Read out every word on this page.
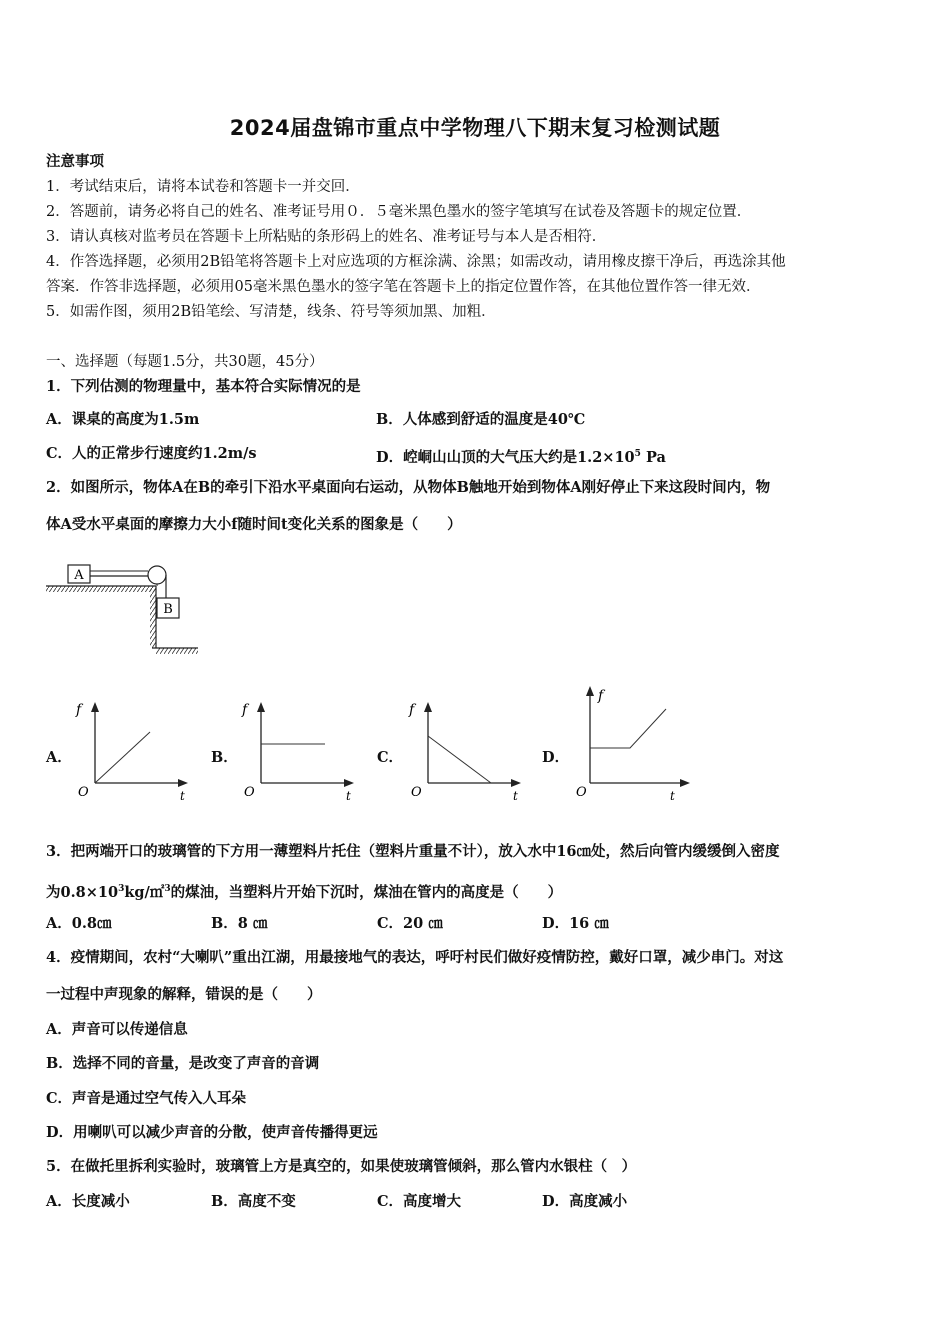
2024届盘锦市重点中学物理八下期末复习检测试题
注意事项
1．考试结束后，请将本试卷和答题卡一并交回．
2．答题前，请务必将自己的姓名、准考证号用０．５毫米黑色墨水的签字笔填写在试卷及答题卡的规定位置．
3．请认真核对监考员在答题卡上所粘贴的条形码上的姓名、准考证号与本人是否相符．
4．作答选择题，必须用2B铅笔将答题卡上对应选项的方框涂满、涂黑；如需改动，请用橡皮擦干净后，再选涂其他
答案．作答非选择题，必须用05毫米黑色墨水的签字笔在答题卡上的指定位置作答，在其他位置作答一律无效．
5．如需作图，须用2B铅笔绘、写清楚，线条、符号等须加黑、加粗．
一、选择题（每题1.5分，共30题，45分）
1．下列估测的物理量中，基本符合实际情况的是
A．课桌的高度为1.5m	B．人体感到舒适的温度是40℃
C．人的正常步行速度约1.2m/s	D．崆峒山山顶的大气压大约是$1.2\times 10^5$ Pa
2．如图所示，物体A在B的牵引下沿水平桌面向右运动，从物体B触地开始到物体A刚好停止下来这段时间内，物
体A受水平桌面的摩擦力大小f随时间t变化关系的图象是（　　）
A
B
A．
f
O	t
B．
f
O	t
C．
f
O	t
D．
f
O	t
3．把两端开口的玻璃管的下方用一薄塑料片托住（塑料片重量不计），放入水中16㎝处，然后向管内缓缓倒入密度
为$0.8\times 10^3kg/㎡^3$的煤油，当塑料片开始下沉时，煤油在管内的高度是（　　）
A．0.8㎝	B．8 ㎝	C．20 ㎝	D．16 ㎝
4．疫情期间，农村“大喇叭”重出江湖，用最接地气的表达，呼吁村民们做好疫情防控，戴好口罩，减少串门。对这
一过程中声现象的解释，错误的是（　　）
A．声音可以传递信息
B．选择不同的音量，是改变了声音的音调
C．声音是通过空气传入人耳朵
D．用喇叭可以减少声音的分散，使声音传播得更远
5．在做托里拆利实验时，玻璃管上方是真空的，如果使玻璃管倾斜，那么管内水银柱（　）
A．长度减小	B．高度不变	C．高度增大	D．高度减小
